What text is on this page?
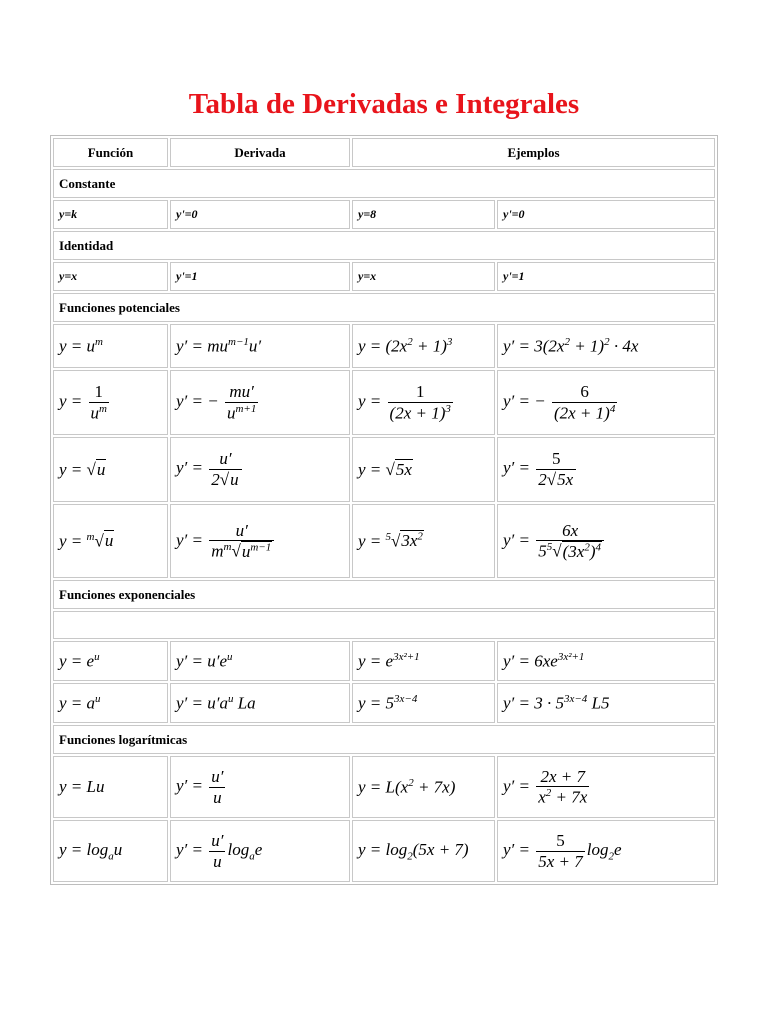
Tabla de Derivadas e Integrales
Función	Derivada	Ejemplos	
Constante			
y=k	y'=0	y=8	y'=0
Identidad			
y=x	y'=1	y=x	y'=1
Funciones potenciales			
$y = u^m$	$y' = mu^{m-1}u'$	$y = (2x^2 + 1)^3$	$y' = 3(2x^2 + 1)^2 \cdot 4x$
$y = \frac{1}{u^m}$	y′ = − $\frac{mu'}{u^{m+1}}$	$y = \frac{1}{(2x + 1)^3}$	y′ = − $\frac{6}{(2x + 1)^4}$

y = √u	$y' = \frac{u'}{2√u}$	y = √5x	$y' = \frac{5}{2√5x}$

y = $^m$√u	$y' = \frac{u'}{m^m√u^{m-1}}$	$y = ^5√3x^2$	$y' = \frac{6x}{5^5√(3x^2)^4}$

Funciones exponenciales			

$y = e^u$	$y' = u'e^u$	$y = e^{3x^2+1}$	$y' = 6xe^{3x^2+1}$
$y = a^u$	$y' = u'a^u$ La	$y = 5^{3x-4}$	$y' = 3 \cdot 5^{3x-4}$ L5
Funciones logarítmicas			
y = Lu	$y' = \frac{u'}{u}$	$y = L(x^2 + 7x)$	$y' = \frac{2x + 7}{x^2 + 7x}$

$y = \log_au$	$y' = \frac{u'}{u} \log_ae$	$y = \log_2(5x + 7)$	$y' = \frac{5}{5x + 7} \log_2e$
